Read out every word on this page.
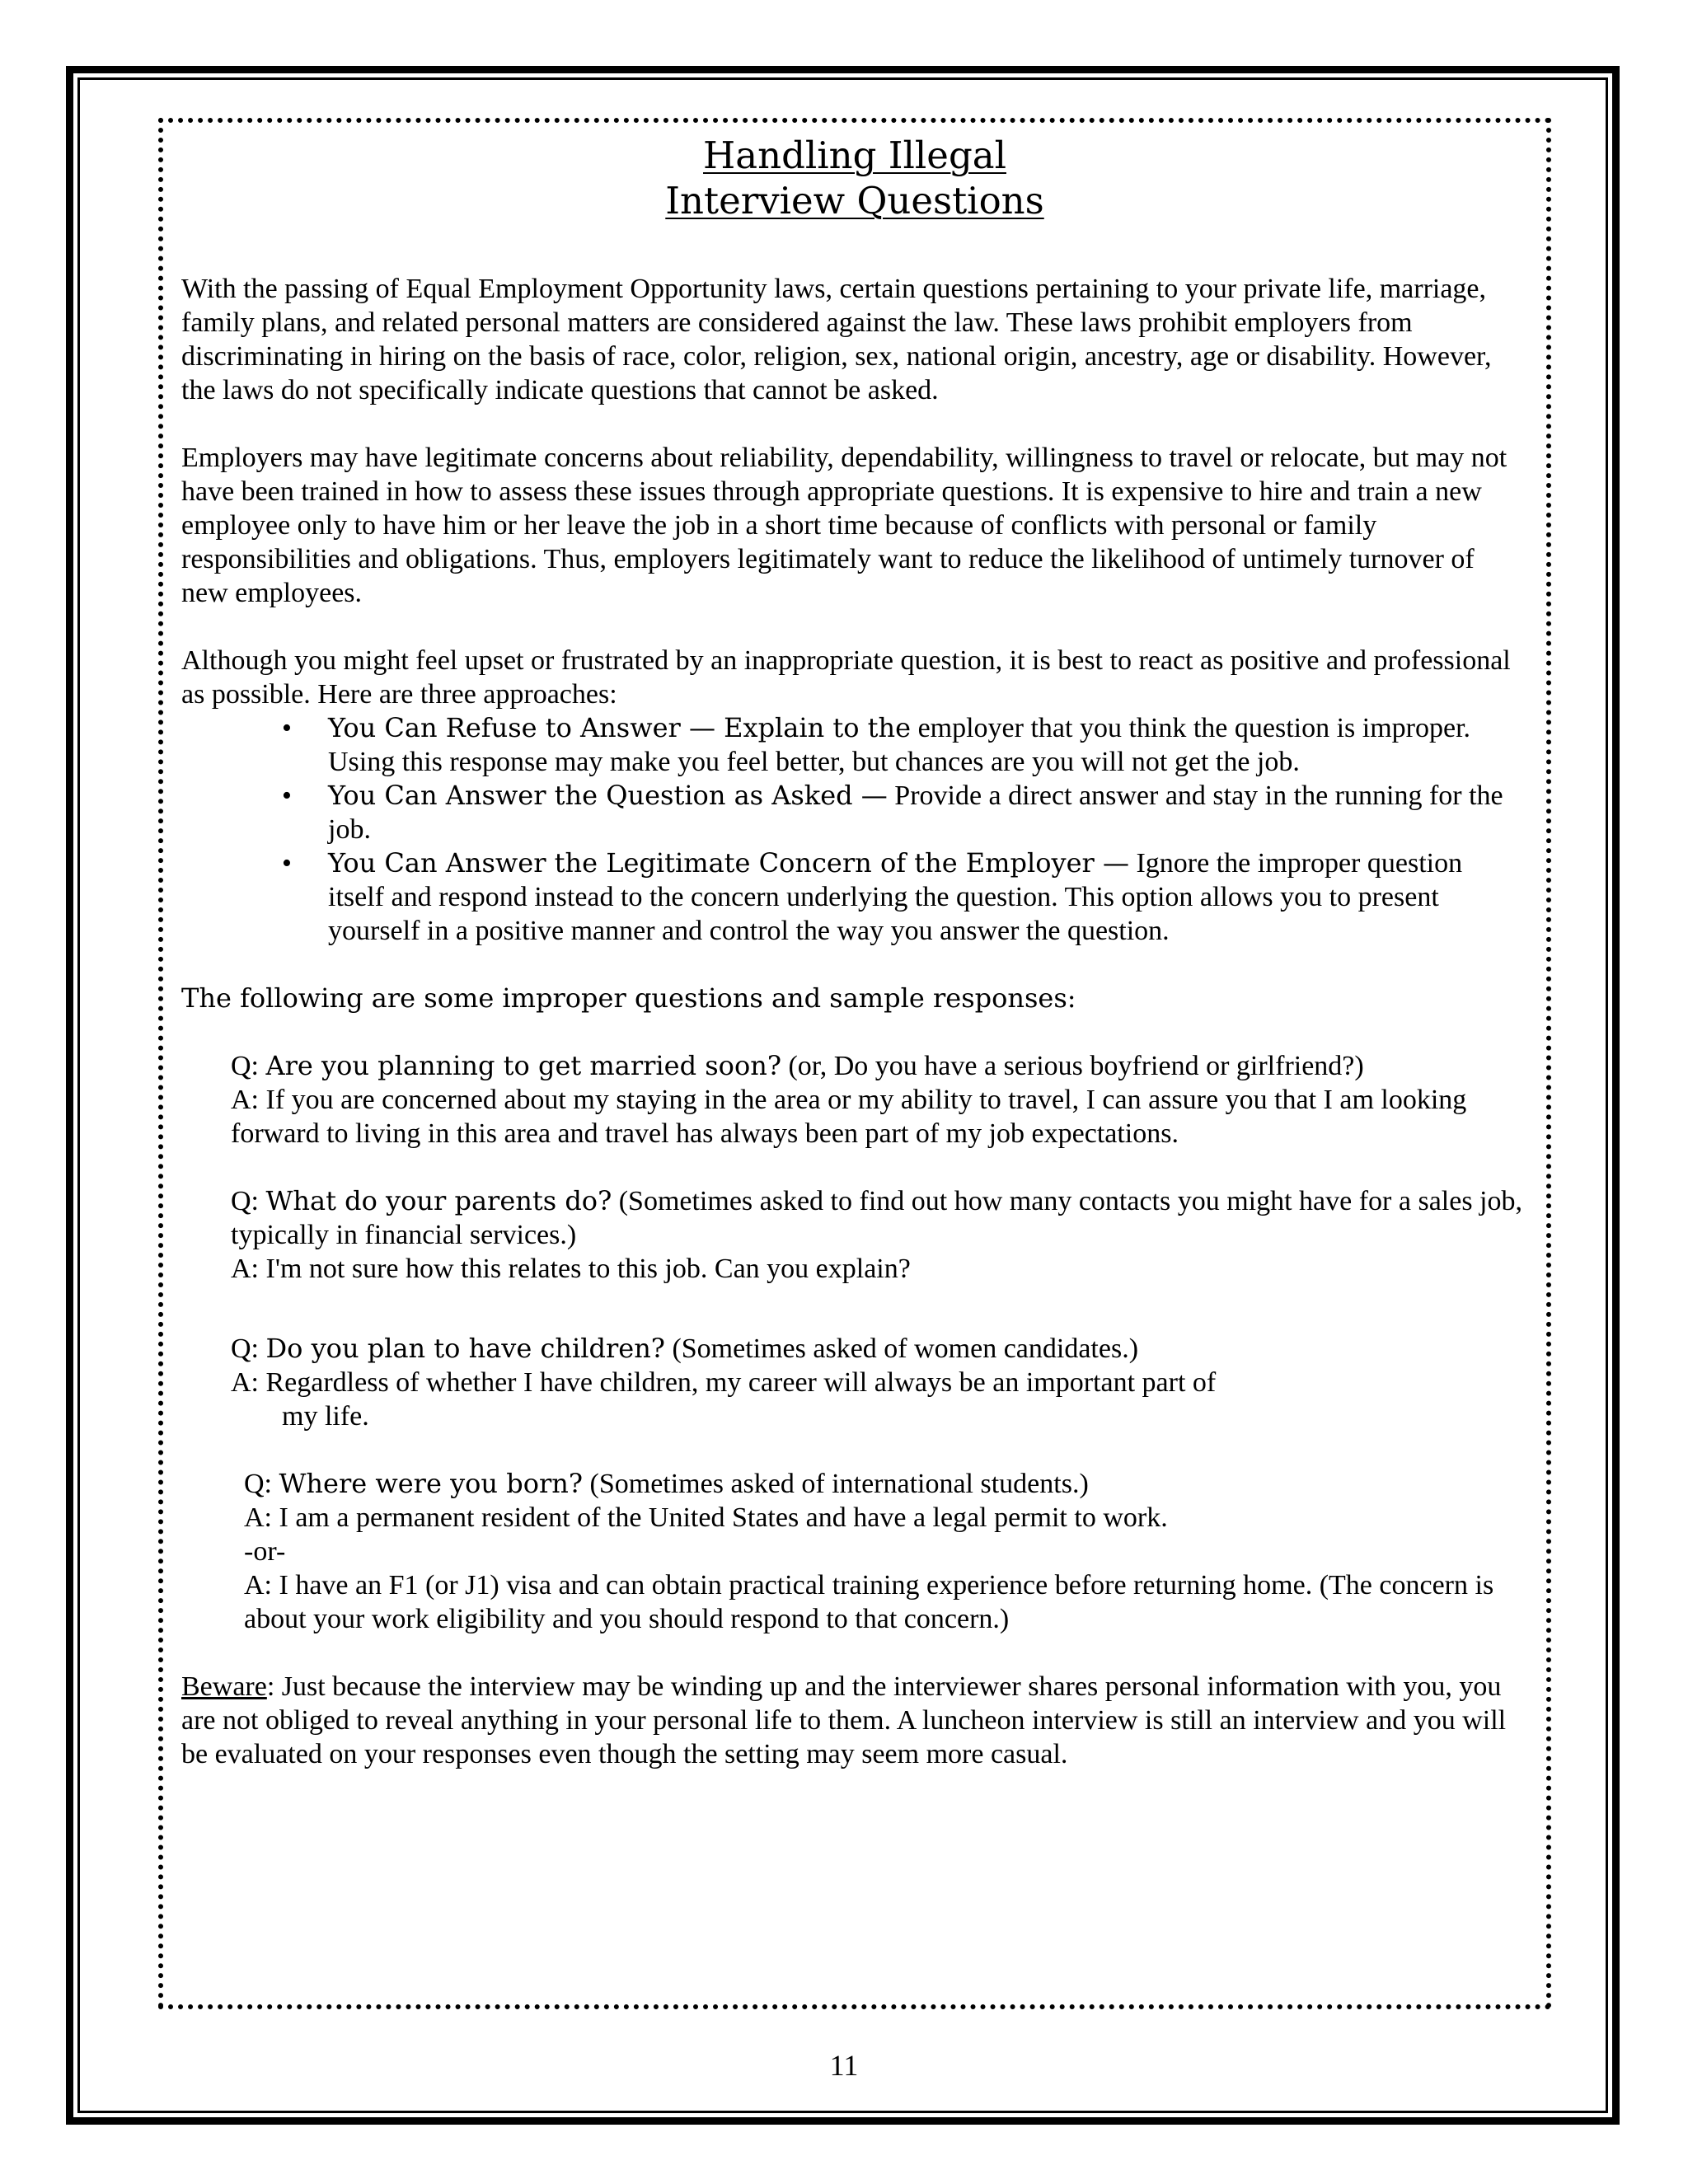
Handling Illegal
Interview Questions

With the passing of Equal Employment Opportunity laws, certain questions pertaining to your private life, marriage, family plans, and related personal matters are considered against the law. These laws prohibit employers from discriminating in hiring on the basis of race, color, religion, sex, national origin, ancestry, age or disability. However, the laws do not specifically indicate questions that cannot be asked.

Employers may have legitimate concerns about reliability, dependability, willingness to travel or relocate, but may not have been trained in how to assess these issues through appropriate questions. It is expensive to hire and train a new employee only to have him or her leave the job in a short time because of conflicts with personal or family responsibilities and obligations. Thus, employers legitimately want to reduce the likelihood of untimely turnover of new employees.

Although you might feel upset or frustrated by an inappropriate question, it is best to react as positive and professional as possible. Here are three approaches:

• You Can Refuse to Answer — Explain to the employer that you think the question is improper. Using this response may make you feel better, but chances are you will not get the job.
• You Can Answer the Question as Asked — Provide a direct answer and stay in the running for the job.
• You Can Answer the Legitimate Concern of the Employer — Ignore the improper question itself and respond instead to the concern underlying the question. This option allows you to present yourself in a positive manner and control the way you answer the question.

The following are some improper questions and sample responses:

Q: Are you planning to get married soon? (or, Do you have a serious boyfriend or girlfriend?)

A: If you are concerned about my staying in the area or my ability to travel, I can assure you that I am looking forward to living in this area and travel has always been part of my job expectations.

Q: What do your parents do? (Sometimes asked to find out how many contacts you might have for a sales job, typically in financial services.)

A: I'm not sure how this relates to this job. Can you explain?

Q: Do you plan to have children? (Sometimes asked of women candidates.)

A: Regardless of whether I have children, my career will always be an important part of

my life.

Q: Where were you born? (Sometimes asked of international students.)

A: I am a permanent resident of the United States and have a legal permit to work.

-or-

A: I have an F1 (or J1) visa and can obtain practical training experience before returning home. (The concern is about your work eligibility and you should respond to that concern.)

Beware: Just because the interview may be winding up and the interviewer shares personal information with you, you are not obliged to reveal anything in your personal life to them. A luncheon interview is still an interview and you will be evaluated on your responses even though the setting may seem more casual.

11
